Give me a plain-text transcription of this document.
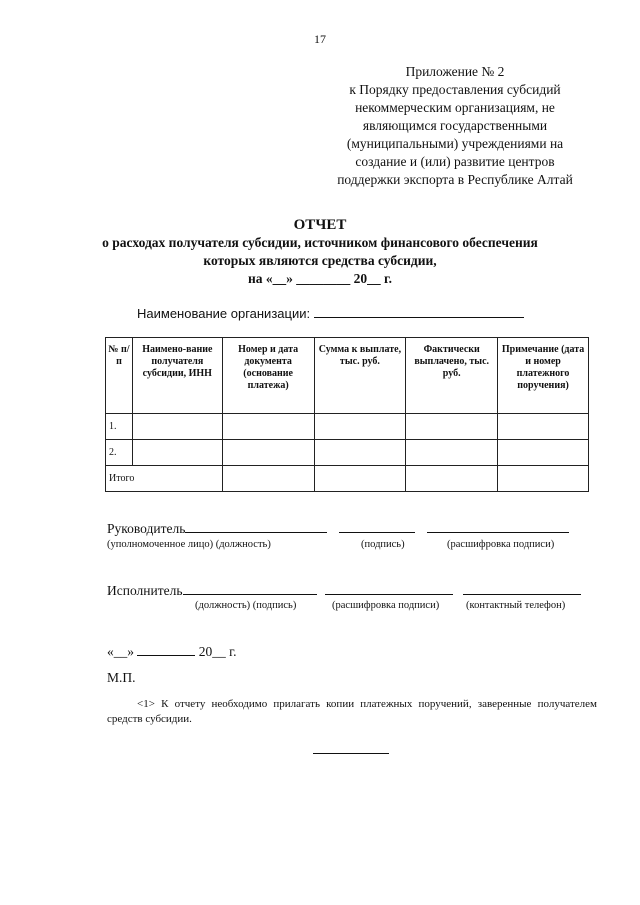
17
Приложение № 2
к Порядку предоставления субсидий некоммерческим организациям, не являющимся государственными (муниципальными) учреждениями на создание и (или) развитие центров поддержки экспорта в Республике Алтай
ОТЧЕТ
о расходах получателя субсидии, источником финансового обеспечения которых являются средства субсидии,
на «__» ________ 20__ г.
Наименование организации:
№ п/п	Наимено-вание получателя субсидии, ИНН	Номер и дата документа (основание платежа)	Сумма к выплате, тыс. руб.	Фактически выплачено, тыс. руб.	Примечание (дата и номер платежного поручения)
1.					
2.					
Итого					
Руководитель
(уполномоченное лицо) (должность)	(подпись)	(расшифровка подписи)
Исполнитель
(должность) (подпись)	(расшифровка подписи)	(контактный телефон)
«__»	20__ г.
М.П.
<1> К отчету необходимо прилагать копии платежных поручений, заверенные получателем средств субсидии.
